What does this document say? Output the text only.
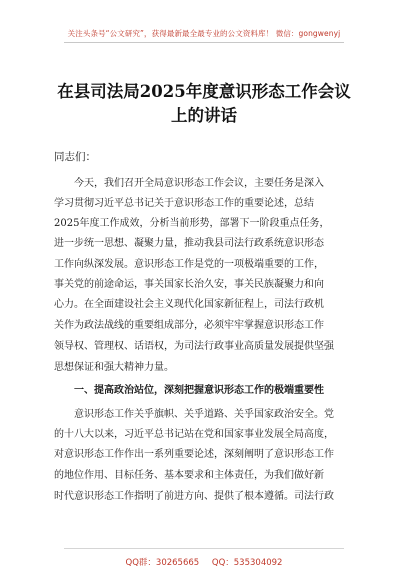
关注头条号“公文研究”，获得最新最全最专业的公文资料库！ 微信：gongwenyj
在县司法局2025年度意识形态工作会议
上的讲话
同志们：
今天，我们召开全局意识形态工作会议，主要任务是深入
学习贯彻习近平总书记关于意识形态工作的重要论述，总结
2025年度工作成效，分析当前形势，部署下一阶段重点任务，
进一步统一思想、凝聚力量，推动我县司法行政系统意识形态
工作向纵深发展。意识形态工作是党的一项极端重要的工作，
事关党的前途命运，事关国家长治久安，事关民族凝聚力和向
心力。在全面建设社会主义现代化国家新征程上，司法行政机
关作为政法战线的重要组成部分，必须牢牢掌握意识形态工作
领导权、管理权、话语权，为司法行政事业高质量发展提供坚强
思想保证和强大精神力量。
一、提高政治站位，深刻把握意识形态工作的极端重要性
意识形态工作关乎旗帜、关乎道路、关乎国家政治安全。党
的十八大以来，习近平总书记站在党和国家事业发展全局高度，
对意识形态工作作出一系列重要论述，深刻阐明了意识形态工作
的地位作用、目标任务、基本要求和主体责任，为我们做好新
时代意识形态工作指明了前进方向、提供了根本遵循。司法行政
QQ群：30265665 QQ：535304092
